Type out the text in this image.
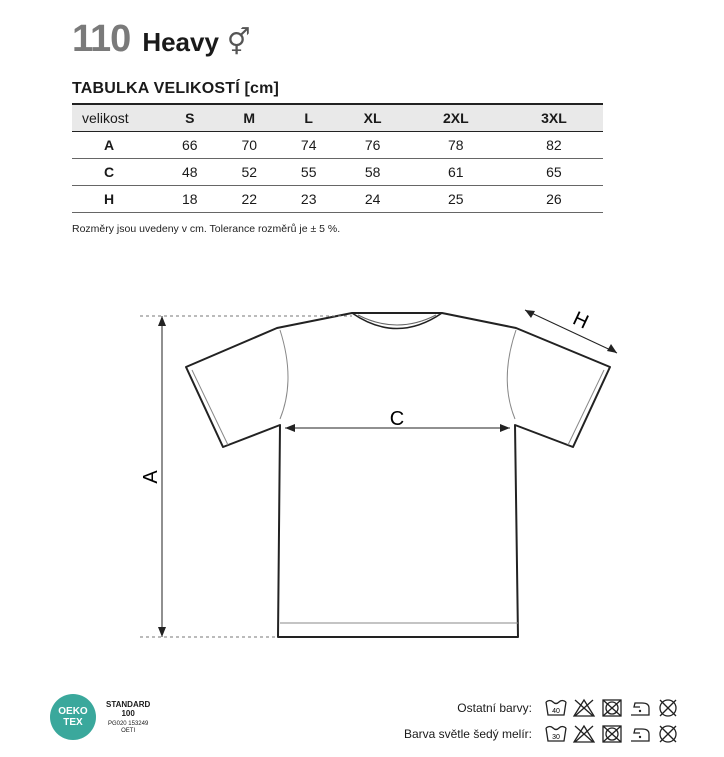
110 Heavy ⚥
TABULKA VELIKOSTÍ [cm]
velikost	S	M	L	XL	2XL	3XL
A	66	70	74	76	78	82
C	48	52	55	58	61	65
H	18	22	23	24	25	26
Rozměry jsou uvedeny v cm. Tolerance rozměrů je ± 5 %.
A
C
H
OEKO
TEX
STANDARD
100
PG020 153249
OETI
Ostatní barvy:	40
Barva světle šedý melír:	30
